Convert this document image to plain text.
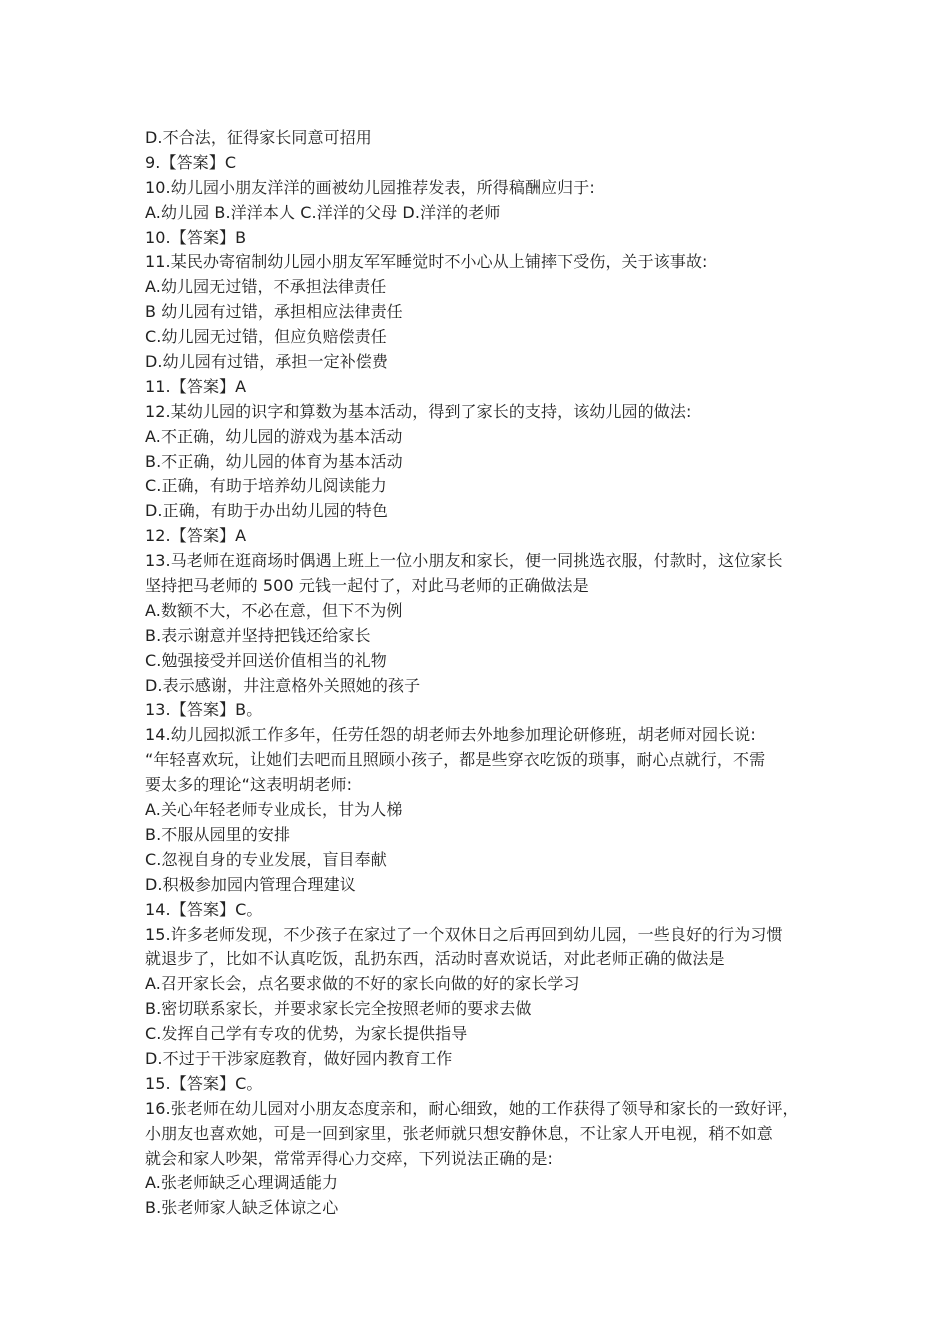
D.不合法，征得家长同意可招用
9.【答案】C
10.幼儿园小朋友洋洋的画被幼儿园推荐发表，所得稿酬应归于:
A.幼儿园 B.洋洋本人 C.洋洋的父母 D.洋洋的老师
10.【答案】B
11.某民办寄宿制幼儿园小朋友军军睡觉时不小心从上铺摔下受伤，关于该事故:
A.幼儿园无过错，不承担法律责任
B 幼儿园有过错，承担相应法律责任
C.幼儿园无过错，但应负赔偿责任
D.幼儿园有过错，承担一定补偿费
11.【答案】A
12.某幼儿园的识字和算数为基本活动，得到了家长的支持，该幼儿园的做法:
A.不正确，幼儿园的游戏为基本活动
B.不正确，幼儿园的体育为基本活动
C.正确，有助于培养幼儿阅读能力
D.正确，有助于办出幼儿园的特色
12.【答案】A
13.马老师在逛商场时偶遇上班上一位小朋友和家长，便一同挑选衣服，付款时，这位家长
坚持把马老师的 500 元钱一起付了，对此马老师的正确做法是
A.数额不大，不必在意，但下不为例
B.表示谢意并坚持把钱还给家长
C.勉强接受并回送价值相当的礼物
D.表示感谢，井注意格外关照她的孩子
13.【答案】B。
14.幼儿园拟派工作多年，任劳任怨的胡老师去外地参加理论研修班，胡老师对园长说:
“年轻喜欢玩，让她们去吧而且照顾小孩子，都是些穿衣吃饭的琐事，耐心点就行，不需
要太多的理论“这表明胡老师:
A.关心年轻老师专业成长，甘为人梯
B.不服从园里的安排
C.忽视自身的专业发展，盲目奉献
D.积极参加园内管理合理建议
14.【答案】C。
15.许多老师发现，不少孩子在家过了一个双休日之后再回到幼儿园，一些良好的行为习惯
就退步了，比如不认真吃饭，乱扔东西，活动时喜欢说话，对此老师正确的做法是
A.召开家长会，点名要求做的不好的家长向做的好的家长学习
B.密切联系家长，并要求家长完全按照老师的要求去做
C.发挥自己学有专攻的优势，为家长提供指导
D.不过于干涉家庭教育，做好园内教育工作
15.【答案】C。
16.张老师在幼儿园对小朋友态度亲和，耐心细致，她的工作获得了领导和家长的一致好评，
小朋友也喜欢她，可是一回到家里，张老师就只想安静休息，不让家人开电视，稍不如意
就会和家人吵架，常常弄得心力交瘁，下列说法正确的是:
A.张老师缺乏心理调适能力
B.张老师家人缺乏体谅之心
